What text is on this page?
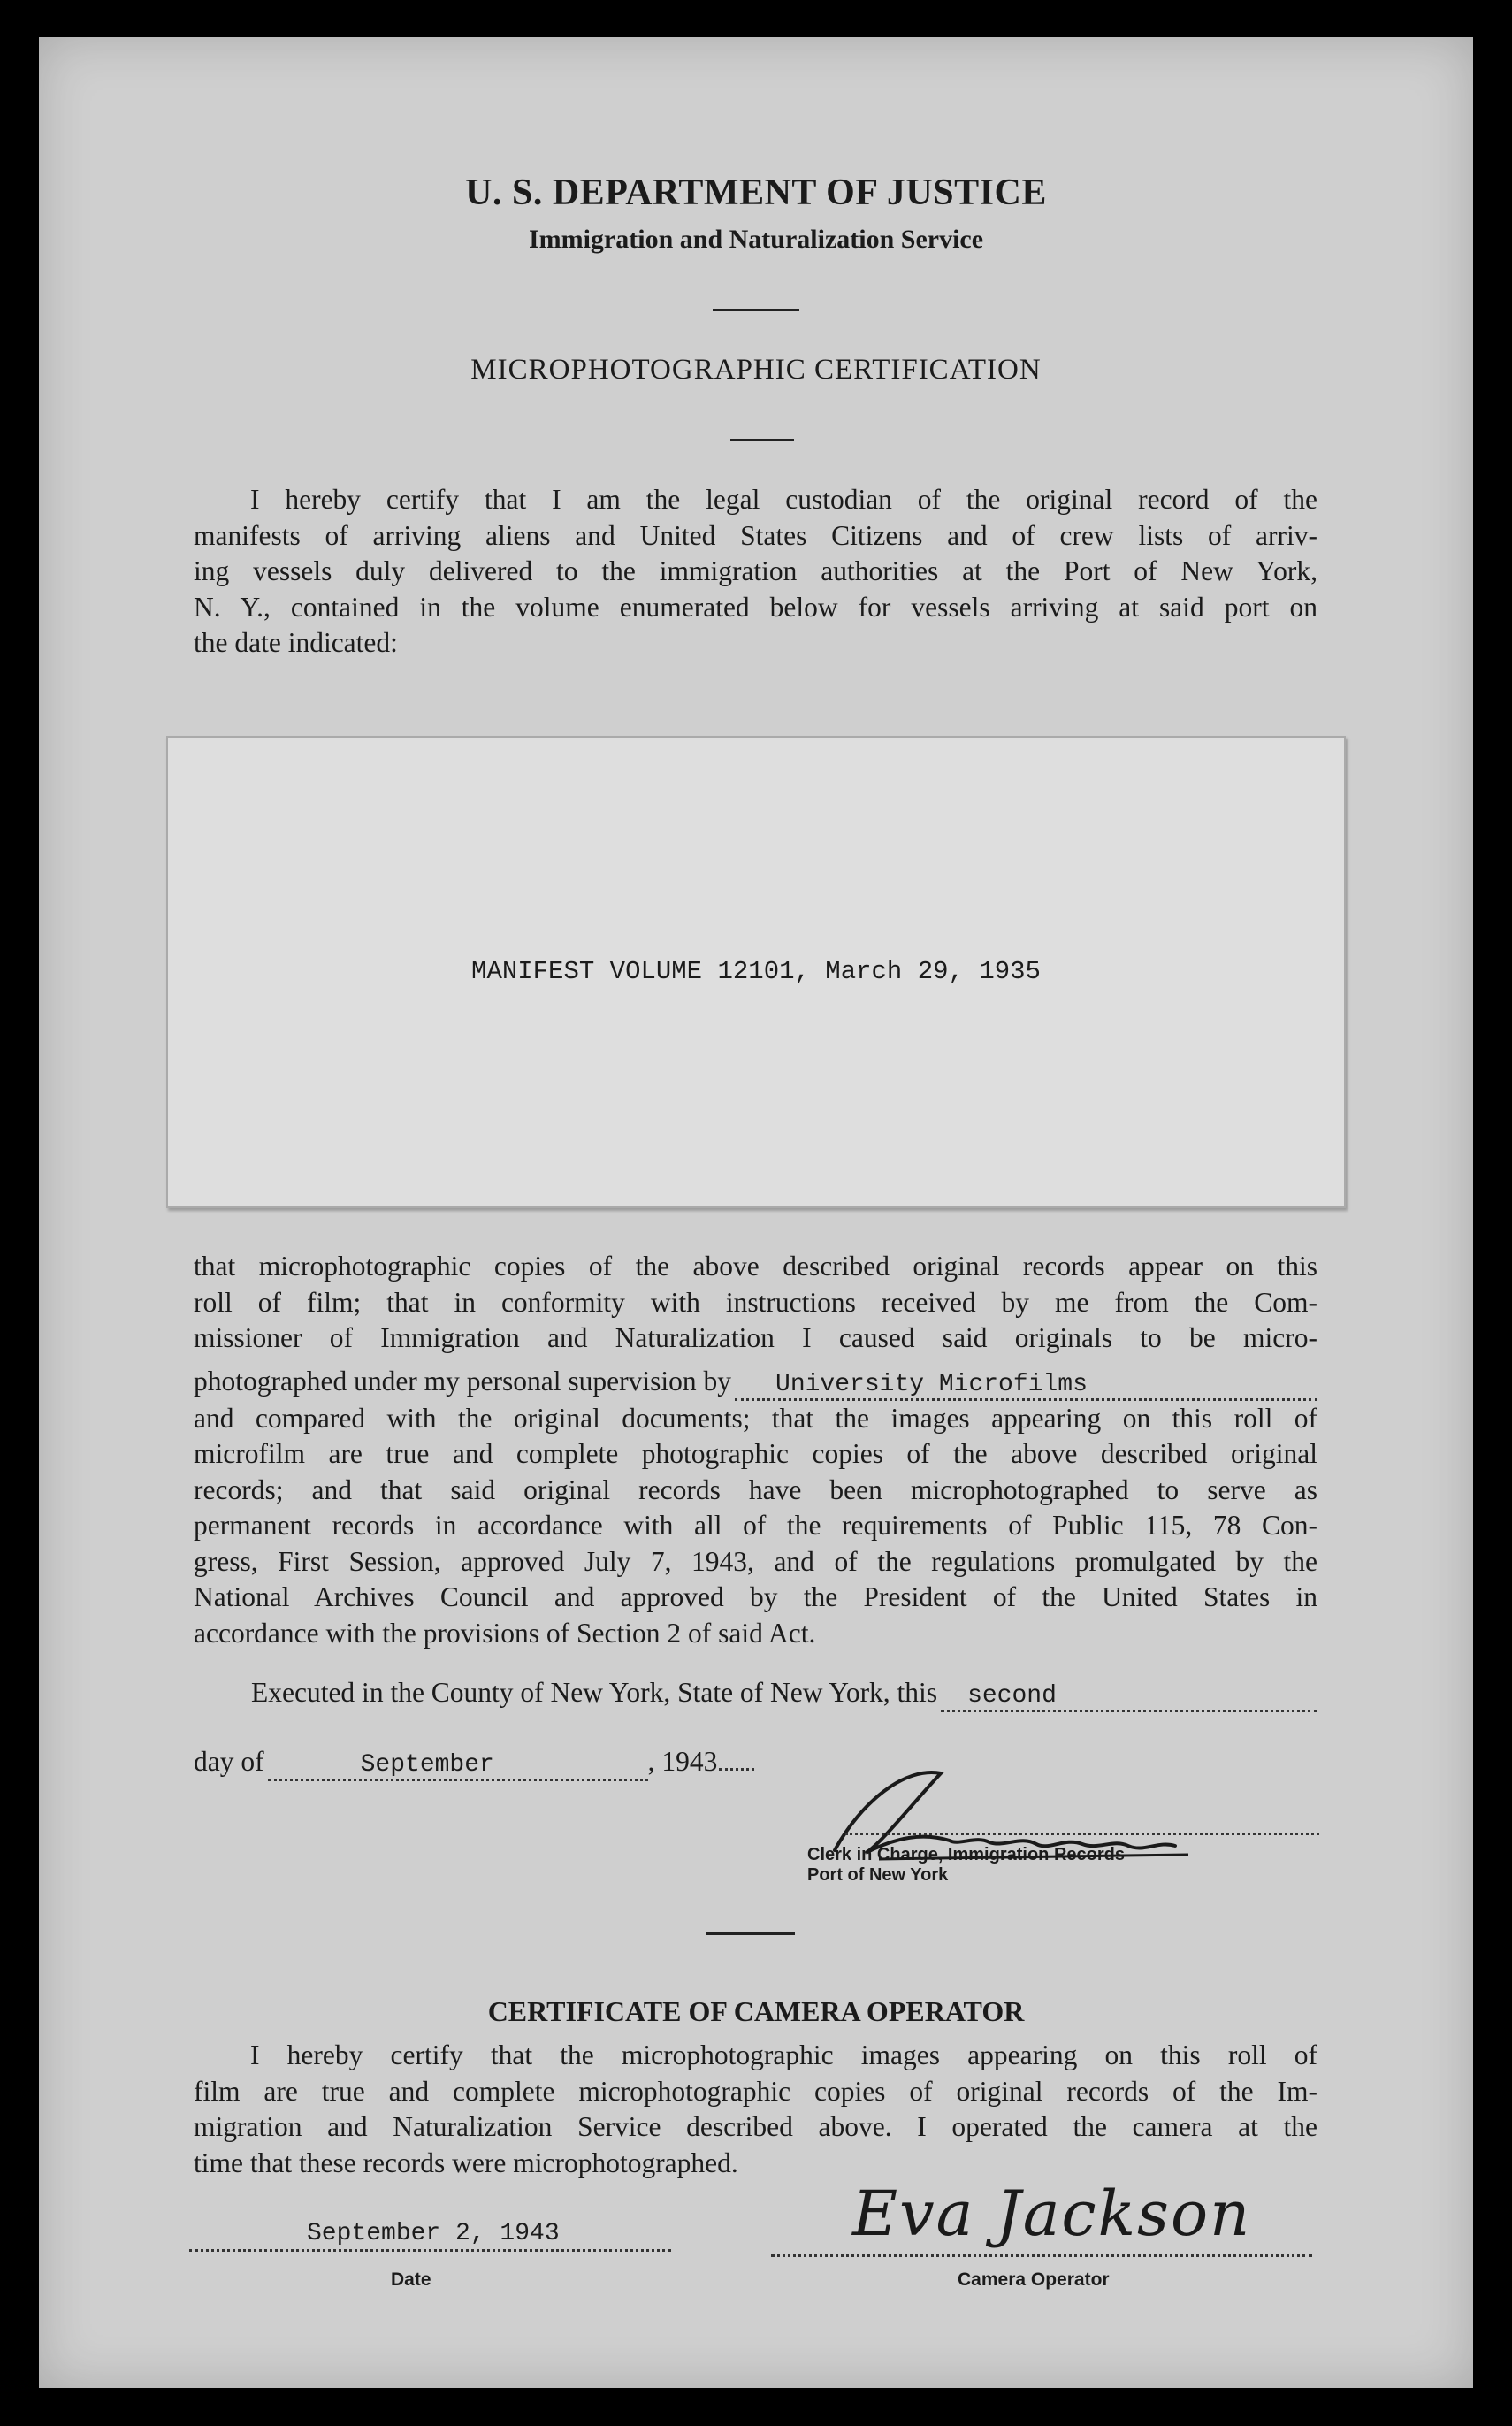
U. S. DEPARTMENT OF JUSTICE
Immigration and Naturalization Service
MICROPHOTOGRAPHIC CERTIFICATION
I hereby certify that I am the legal custodian of the original record of the
manifests of arriving aliens and United States Citizens and of crew lists of arriv-
ing vessels duly delivered to the immigration authorities at the Port of New York,
N. Y., contained in the volume enumerated below for vessels arriving at said port on
the date indicated:
MANIFEST VOLUME 12101, March 29, 1935
that microphotographic copies of the above described original records appear on this
roll of film; that in conformity with instructions received by me from the Com-
missioner of Immigration and Naturalization I caused said originals to be micro-
photographed under my personal supervision by	University Microfilms
and compared with the original documents; that the images appearing on this roll of
microfilm are true and complete photographic copies of the above described original
records; and that said original records have been microphotographed to serve as
permanent records in accordance with all of the requirements of Public 115, 78 Con-
gress, First Session, approved July 7, 1943, and of the regulations promulgated by the
National Archives Council and approved by the President of the United States in
accordance with the provisions of Section 2 of said Act.
Executed in the County of New York, State of New York, this	second
day of	September	, 1943
Clerk in Charge, Immigration Records
Port of New York
CERTIFICATE OF CAMERA OPERATOR
I hereby certify that the microphotographic images appearing on this roll of
film are true and complete microphotographic copies of original records of the Im-
migration and Naturalization Service described above. I operated the camera at the
time that these records were microphotographed.
September 2, 1943
Date
Eva Jackson
Camera Operator
